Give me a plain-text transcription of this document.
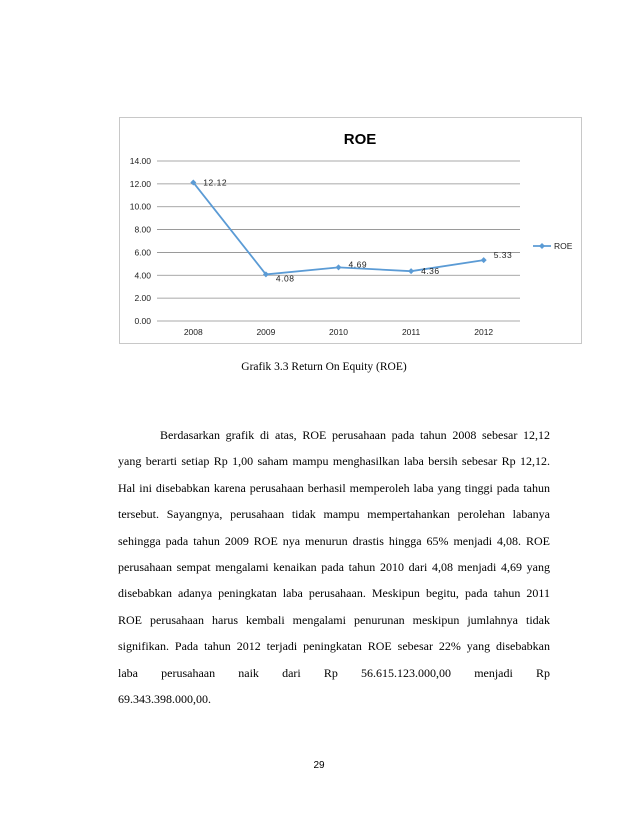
ROE
0.00
2.00
4.00
6.00
8.00
10.00
12.00
14.00
2008	2009	2010	2011	2012
12.12
4.08
4.69
4.36
5.33
ROE
Grafik 3.3 Return On Equity (ROE)
Berdasarkan grafik di atas, ROE perusahaan pada tahun 2008 sebesar 12,12
yang berarti setiap Rp 1,00 saham mampu menghasilkan laba bersih sebesar Rp 12,12.
Hal ini disebabkan karena perusahaan berhasil memperoleh laba yang tinggi pada tahun
tersebut. Sayangnya, perusahaan tidak mampu mempertahankan perolehan labanya
sehingga pada tahun 2009 ROE nya menurun drastis hingga 65% menjadi 4,08. ROE
perusahaan sempat mengalami kenaikan pada tahun 2010 dari 4,08 menjadi 4,69 yang
disebabkan adanya peningkatan laba perusahaan. Meskipun begitu, pada tahun 2011
ROE perusahaan harus kembali mengalami penurunan meskipun jumlahnya tidak
signifikan. Pada tahun 2012 terjadi peningkatan ROE sebesar 22% yang disebabkan
laba perusahaan naik dari Rp 56.615.123.000,00 menjadi Rp
69.343.398.000,00.
29
